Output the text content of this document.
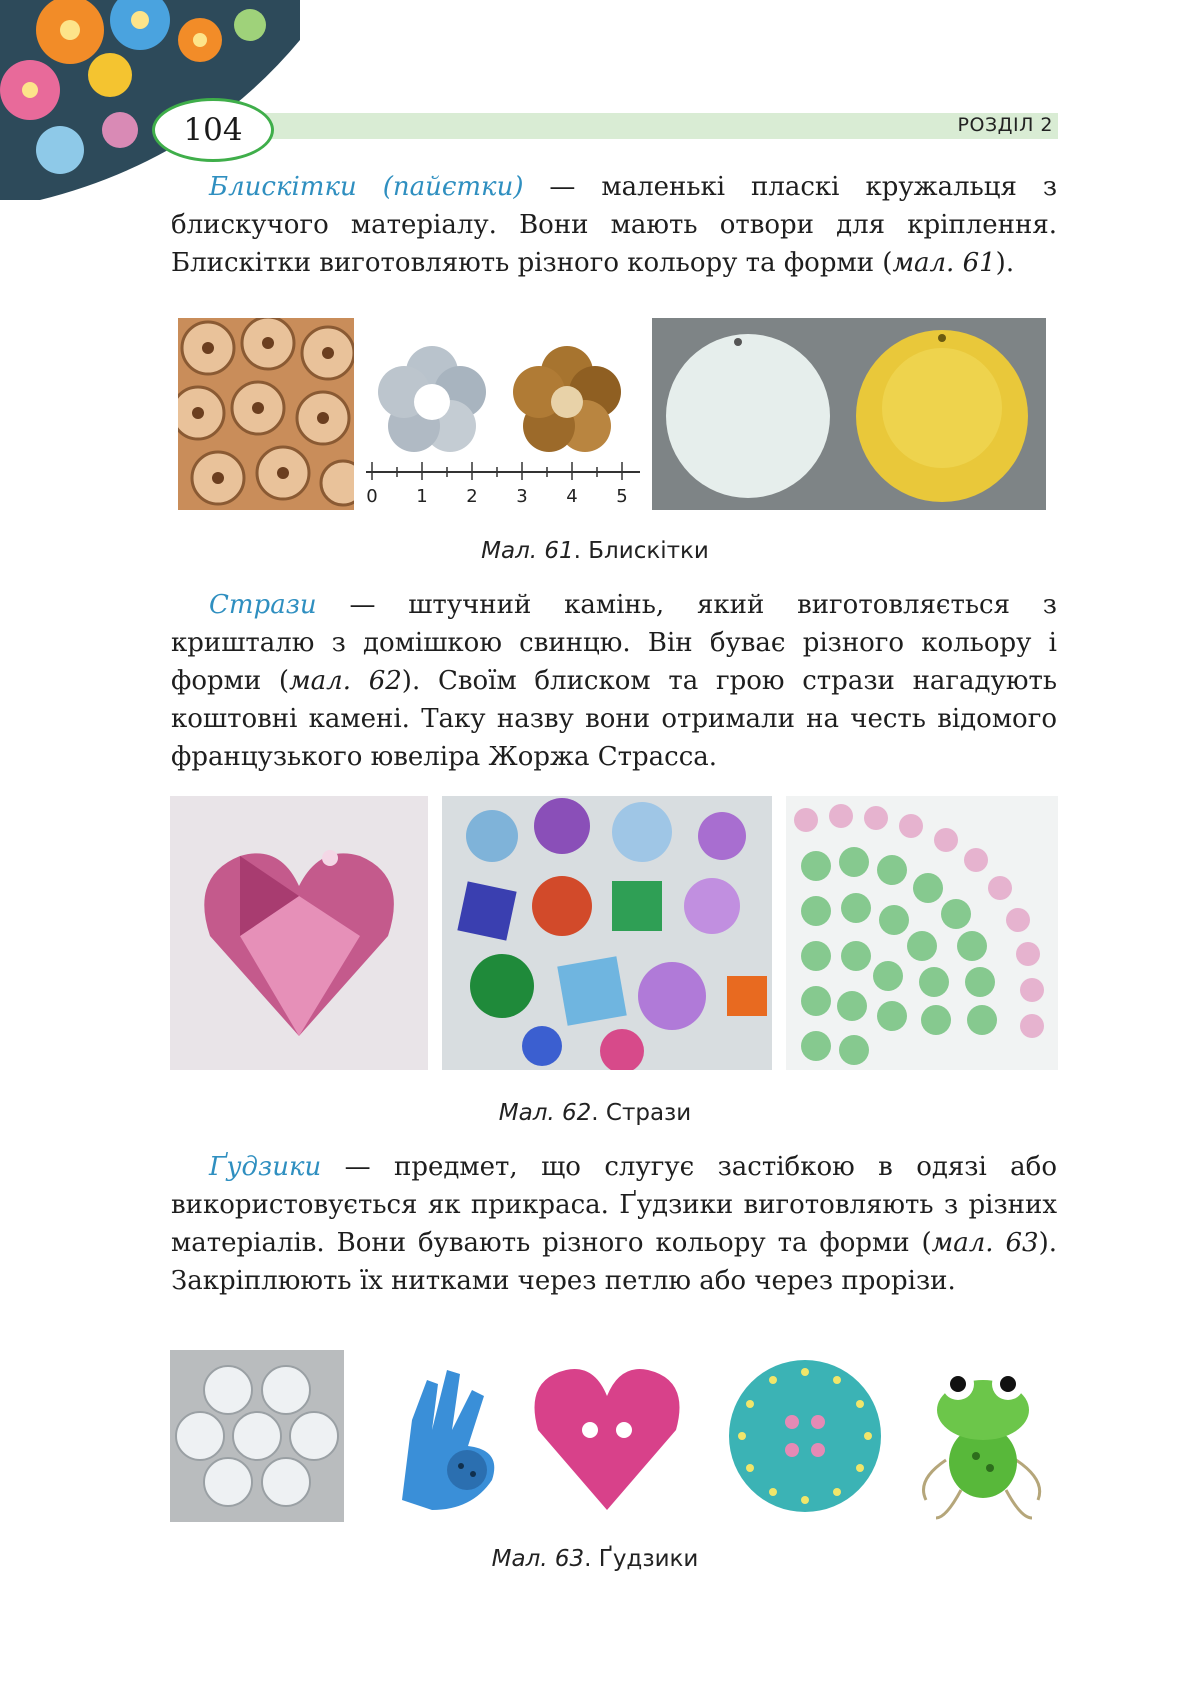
РОЗДІЛ 2
104

Блискітки (пайєтки) — маленькі пласкі кружальця з блискучого матеріалу. Вони мають отвори для кріплення. Блискітки виготовляють різного кольору та форми (мал. 61).

0 1 2 3 4 5
Мал. 61. Блискітки

Стрази — штучний камінь, який виготовляється з кришталю з домішкою свинцю. Він буває різного кольору і форми (мал. 62). Своїм блиском та грою стрази нагадують коштовні камені. Таку назву вони отримали на честь відомого французького ювеліра Жоржа Страсса.

Мал. 62. Стрази

Ґудзики — предмет, що слугує застібкою в одязі або використовується як прикраса. Ґудзики виготовляють з різних матеріалів. Вони бувають різного кольору та форми (мал. 63). Закріплюють їх нитками через петлю або через прорізи.

Мал. 63. Ґудзики
